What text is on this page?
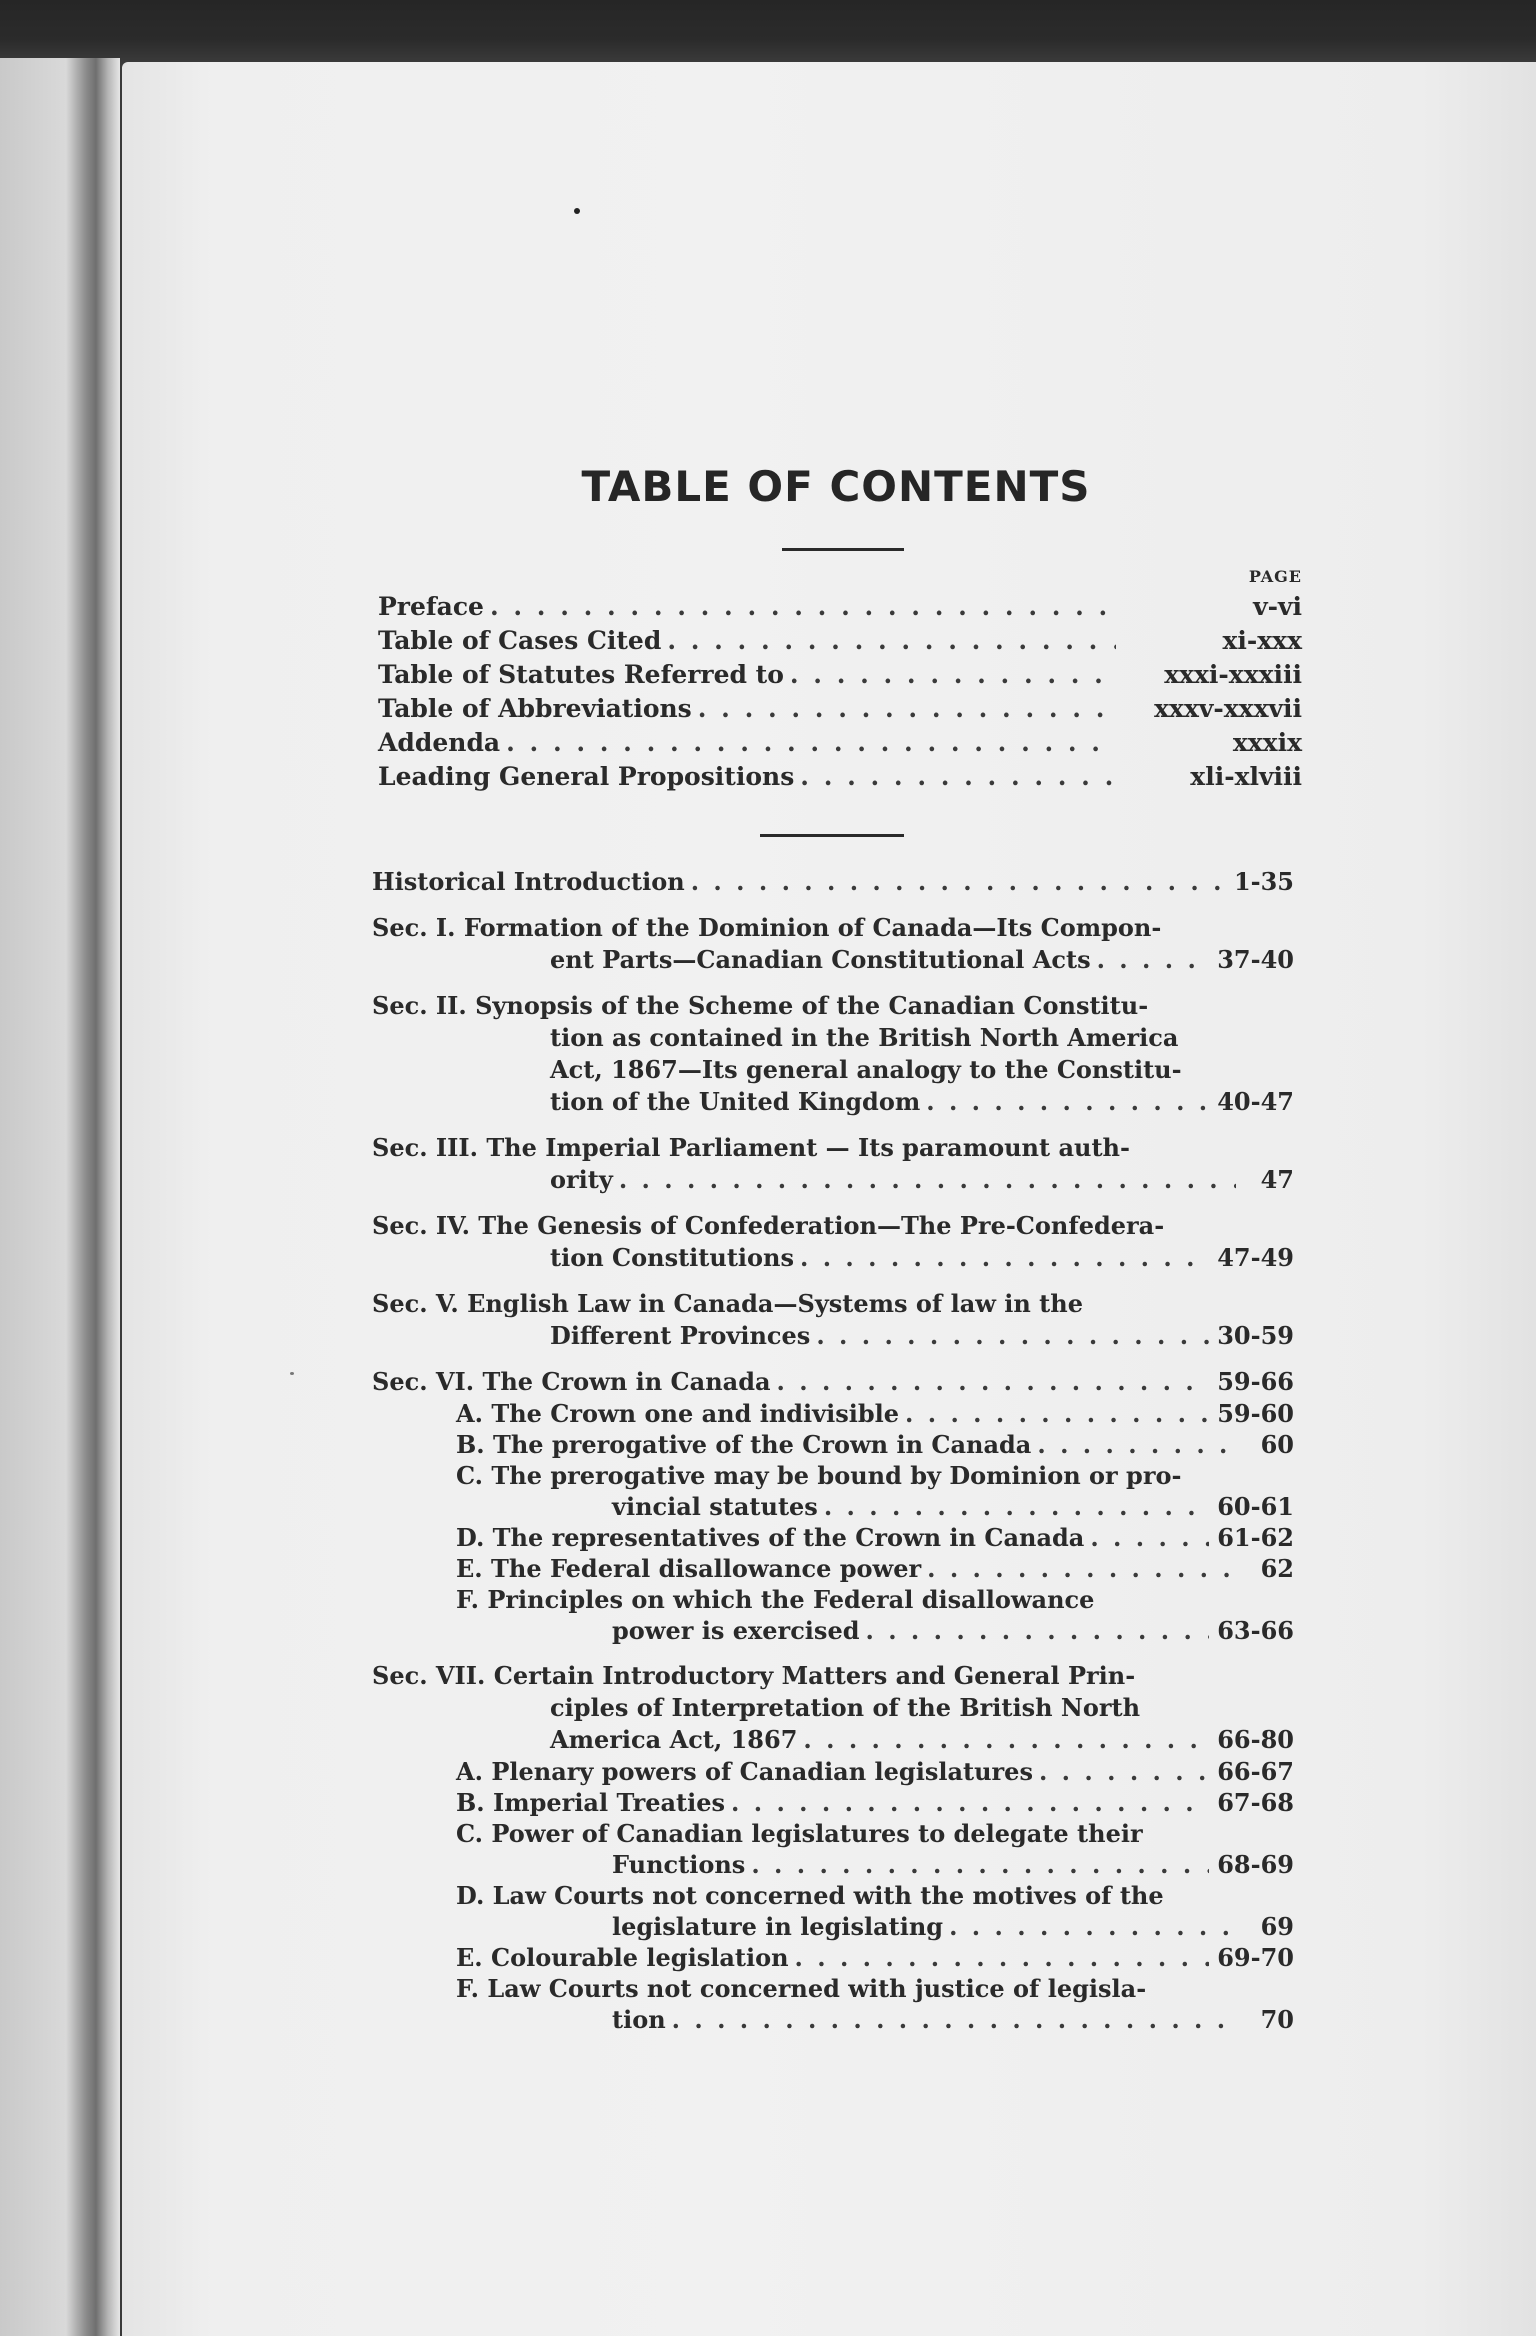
TABLE OF CONTENTS
PAGE
Preface . . .	v-vi
Table of Cases Cited . . .	xi-xxx
Table of Statutes Referred to . . .	xxxi-xxxiii
Table of Abbreviations . . .	xxxv-xxxvii
Addenda . . .	xxxix
Leading General Propositions . . .	xli-xlviii
Historical Introduction . . .	1-35
Sec. I. Formation of the Dominion of Canada—Its Compon-
ent Parts—Canadian Constitutional Acts . . .	37-40
Sec. II. Synopsis of the Scheme of the Canadian Constitu-
tion as contained in the British North America
Act, 1867—Its general analogy to the Constitu-
tion of the United Kingdom . . .	40-47
Sec. III. The Imperial Parliament — Its paramount auth-
ority . . .	47
Sec. IV. The Genesis of Confederation—The Pre-Confedera-
tion Constitutions . . .	47-49
Sec. V. English Law in Canada—Systems of law in the
Different Provinces . . .	30-59
Sec. VI. The Crown in Canada . . .	59-66
A. The Crown one and indivisible . . .	59-60
B. The prerogative of the Crown in Canada . . .	60
C. The prerogative may be bound by Dominion or pro-
vincial statutes . . .	60-61
D. The representatives of the Crown in Canada . . .	61-62
E. The Federal disallowance power . . .	62
F. Principles on which the Federal disallowance
power is exercised . . .	63-66
Sec. VII. Certain Introductory Matters and General Prin-
ciples of Interpretation of the British North
America Act, 1867 . . .	66-80
A. Plenary powers of Canadian legislatures . . .	66-67
B. Imperial Treaties . . .	67-68
C. Power of Canadian legislatures to delegate their
Functions . . .	68-69
D. Law Courts not concerned with the motives of the
legislature in legislating . . .	69
E. Colourable legislation . . .	69-70
F. Law Courts not concerned with justice of legisla-
tion . . .	70
